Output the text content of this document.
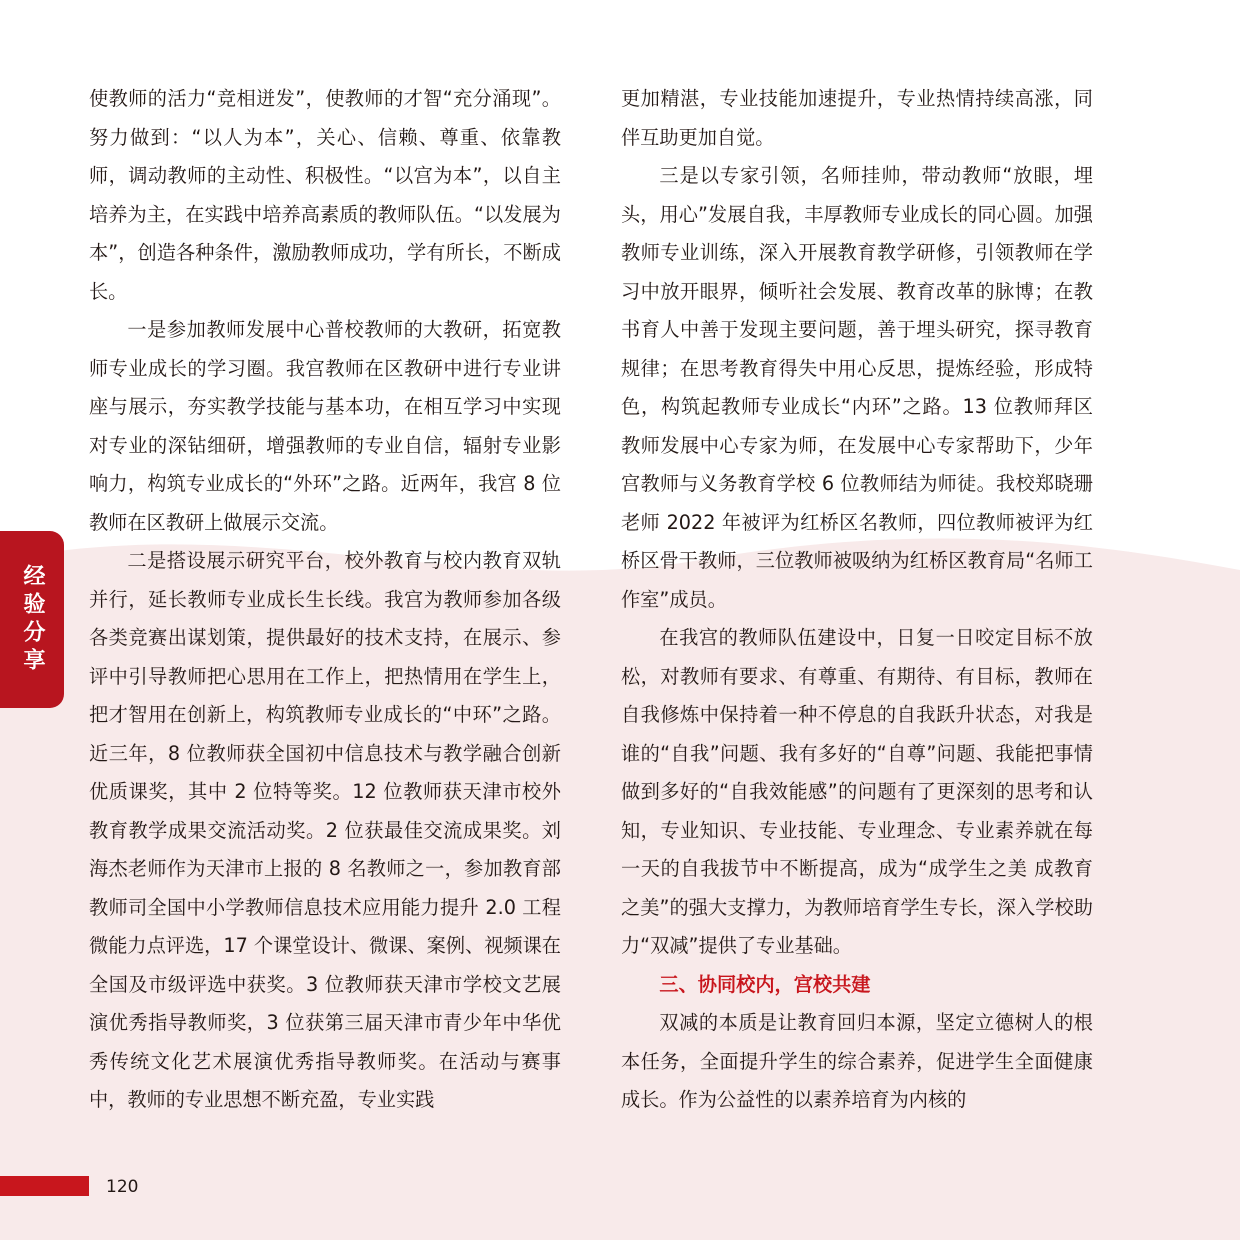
经验分享

使教师的活力“竞相迸发”，使教师的才智“充分涌现”。努力做到：“以人为本”，关心、信赖、尊重、依靠教师，调动教师的主动性、积极性。“以宫为本”，以自主培养为主，在实践中培养高素质的教师队伍。“以发展为本”，创造各种条件，激励教师成功，学有所长，不断成长。

一是参加教师发展中心普校教师的大教研，拓宽教师专业成长的学习圈。我宫教师在区教研中进行专业讲座与展示，夯实教学技能与基本功，在相互学习中实现对专业的深钻细研，增强教师的专业自信，辐射专业影响力，构筑专业成长的“外环”之路。近两年，我宫 8 位教师在区教研上做展示交流。

二是搭设展示研究平台，校外教育与校内教育双轨并行，延长教师专业成长生长线。我宫为教师参加各级各类竞赛出谋划策，提供最好的技术支持，在展示、参评中引导教师把心思用在工作上，把热情用在学生上，把才智用在创新上，构筑教师专业成长的“中环”之路。近三年，8 位教师获全国初中信息技术与教学融合创新优质课奖，其中 2 位特等奖。12 位教师获天津市校外教育教学成果交流活动奖。2 位获最佳交流成果奖。刘海杰老师作为天津市上报的 8 名教师之一，参加教育部教师司全国中小学教师信息技术应用能力提升 2.0 工程微能力点评选，17 个课堂设计、微课、案例、视频课在全国及市级评选中获奖。3 位教师获天津市学校文艺展演优秀指导教师奖，3 位获第三届天津市青少年中华优秀传统文化艺术展演优秀指导教师奖。在活动与赛事中，教师的专业思想不断充盈，专业实践

更加精湛，专业技能加速提升，专业热情持续高涨，同伴互助更加自觉。

三是以专家引领，名师挂帅，带动教师“放眼，埋头，用心”发展自我，丰厚教师专业成长的同心圆。加强教师专业训练，深入开展教育教学研修，引领教师在学习中放开眼界，倾听社会发展、教育改革的脉博；在教书育人中善于发现主要问题，善于埋头研究，探寻教育规律；在思考教育得失中用心反思，提炼经验，形成特色，构筑起教师专业成长“内环”之路。13 位教师拜区教师发展中心专家为师，在发展中心专家帮助下，少年宫教师与义务教育学校 6 位教师结为师徒。我校郑晓珊老师 2022 年被评为红桥区名教师，四位教师被评为红桥区骨干教师，三位教师被吸纳为红桥区教育局“名师工作室”成员。

在我宫的教师队伍建设中，日复一日咬定目标不放松，对教师有要求、有尊重、有期待、有目标，教师在自我修炼中保持着一种不停息的自我跃升状态，对我是谁的“自我”问题、我有多好的“自尊”问题、我能把事情做到多好的“自我效能感”的问题有了更深刻的思考和认知，专业知识、专业技能、专业理念、专业素养就在每一天的自我拔节中不断提高，成为“成学生之美 成教育之美”的强大支撑力，为教师培育学生专长，深入学校助力“双减”提供了专业基础。

三、协同校内，宫校共建

双减的本质是让教育回归本源，坚定立德树人的根本任务，全面提升学生的综合素养，促进学生全面健康成长。作为公益性的以素养培育为内核的

120
